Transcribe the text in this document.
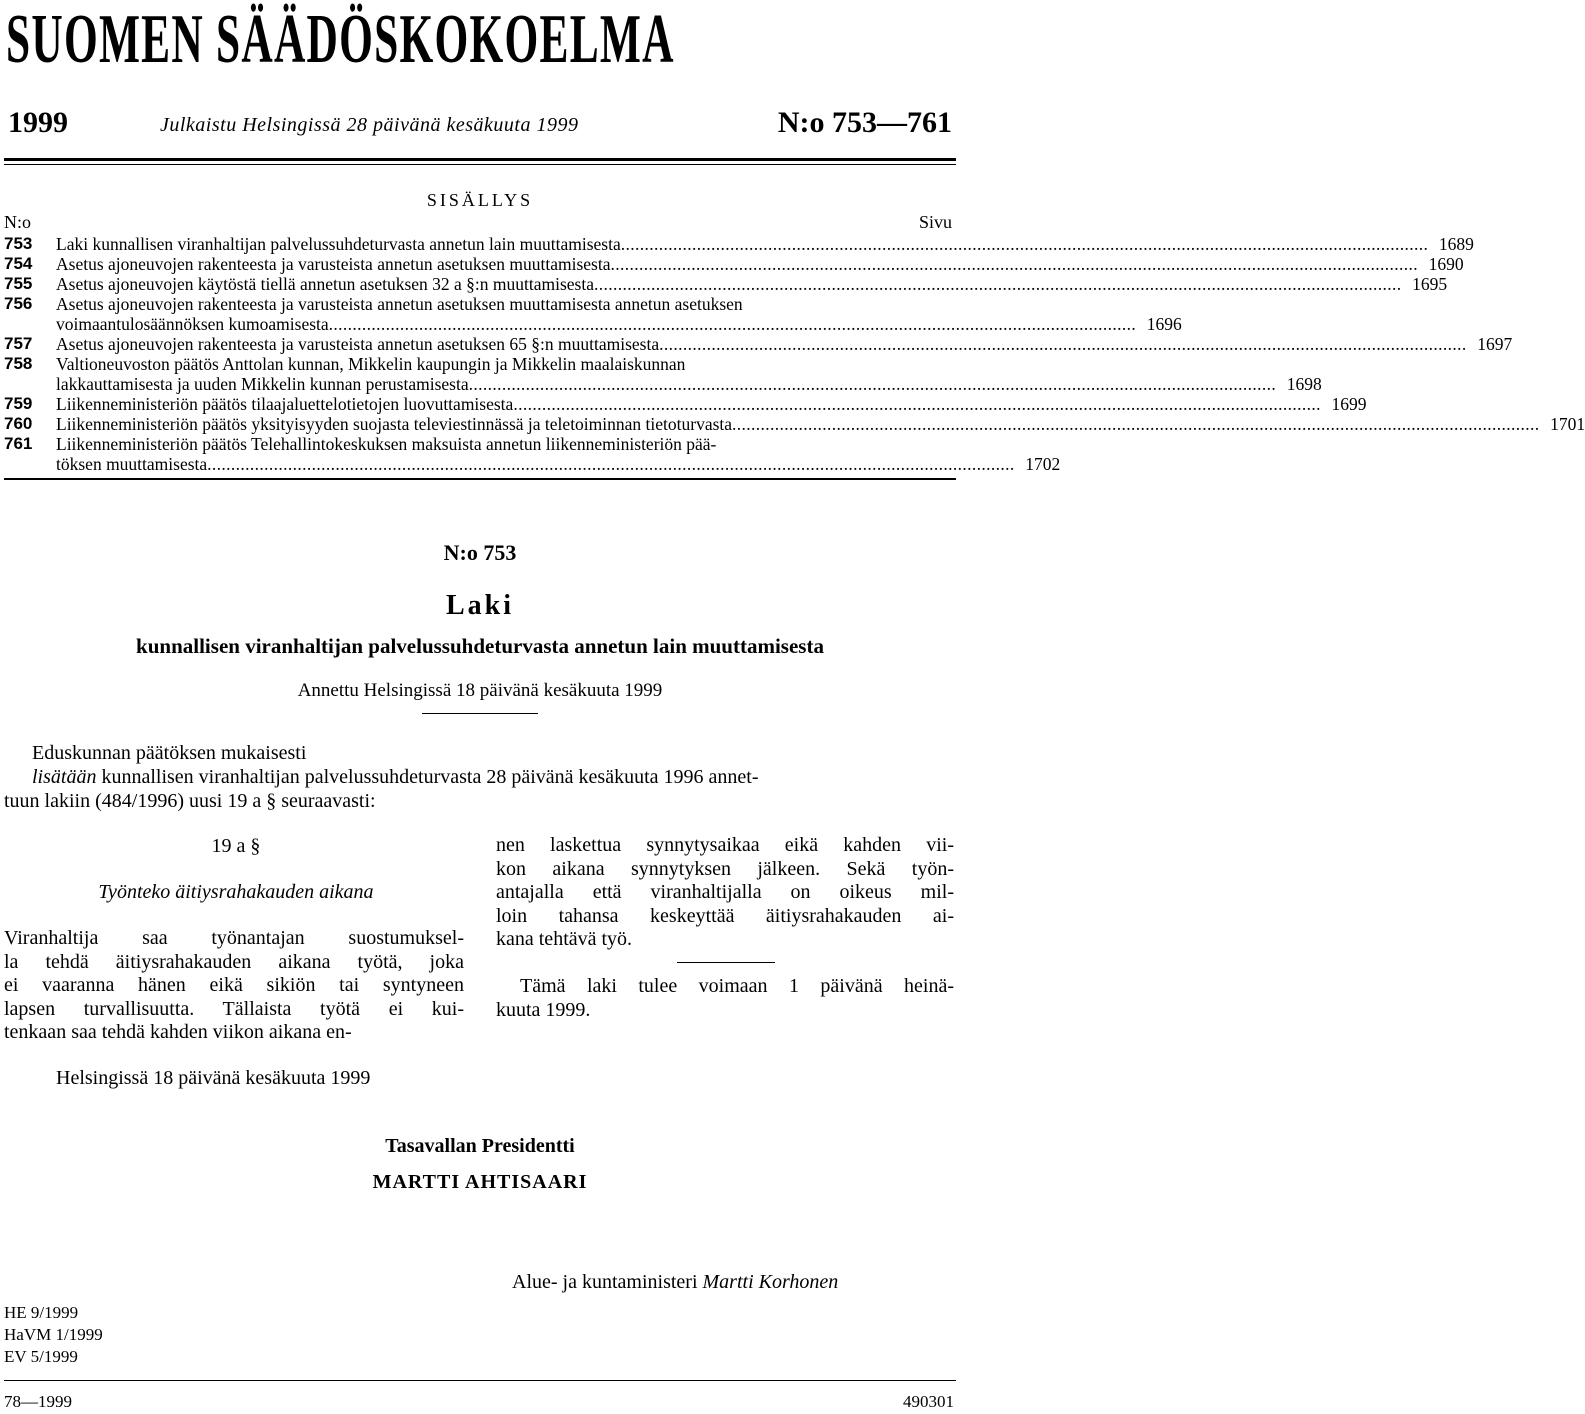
SUOMEN SÄÄDÖSKOKOELMA
1999	Julkaistu Helsingissä 28 päivänä kesäkuuta 1999	N:o 753—761
SISÄLLYS
N:o	Sivu
753	Laki kunnallisen viranhaltijan palvelussuhdeturvasta annetun lain muuttamisesta . . .	1689
754	Asetus ajoneuvojen rakenteesta ja varusteista annetun asetuksen muuttamisesta . . .	1690
755	Asetus ajoneuvojen käytöstä tiellä annetun asetuksen 32 a §:n muuttamisesta . . .	1695
756	Asetus ajoneuvojen rakenteesta ja varusteista annetun asetuksen muuttamisesta annetun asetuksen
voimaantulosäännöksen kumoamisesta . . .	1696
757	Asetus ajoneuvojen rakenteesta ja varusteista annetun asetuksen 65 §:n muuttamisesta . . .	1697
758	Valtioneuvoston päätös Anttolan kunnan, Mikkelin kaupungin ja Mikkelin maalaiskunnan
lakkauttamisesta ja uuden Mikkelin kunnan perustamisesta . . .	1698
759	Liikenneministeriön päätös tilaajaluettelotietojen luovuttamisesta . . .	1699
760	Liikenneministeriön päätös yksityisyyden suojasta televiestinnässä ja teletoiminnan tietoturvasta . . .	1701
761	Liikenneministeriön päätös Telehallintokeskuksen maksuista annetun liikenneministeriön pää-
töksen muuttamisesta . . .	1702
N:o 753
Laki
kunnallisen viranhaltijan palvelussuhdeturvasta annetun lain muuttamisesta
Annettu Helsingissä 18 päivänä kesäkuuta 1999
Eduskunnan päätöksen mukaisesti
lisätään kunnallisen viranhaltijan palvelussuhdeturvasta 28 päivänä kesäkuuta 1996 annet-
tuun lakiin (484/1996) uusi 19 a § seuraavasti:
19 a §
Työnteko äitiysrahakauden aikana
Viranhaltija saa työnantajan suostumuksel-
la tehdä äitiysrahakauden aikana työtä, joka
ei vaaranna hänen eikä sikiön tai syntyneen
lapsen turvallisuutta. Tällaista työtä ei kui-
tenkaan saa tehdä kahden viikon aikana en-
nen laskettua synnytysaikaa eikä kahden vii-
kon aikana synnytyksen jälkeen. Sekä työn-
antajalla että viranhaltijalla on oikeus mil-
loin tahansa keskeyttää äitiysrahakauden ai-
kana tehtävä työ.
Tämä laki tulee voimaan 1 päivänä heinä-
kuuta 1999.
Helsingissä 18 päivänä kesäkuuta 1999
Tasavallan Presidentti
MARTTI AHTISAARI
Alue- ja kuntaministeri Martti Korhonen
HE 9/1999
HaVM 1/1999
EV 5/1999
78—1999	490301
